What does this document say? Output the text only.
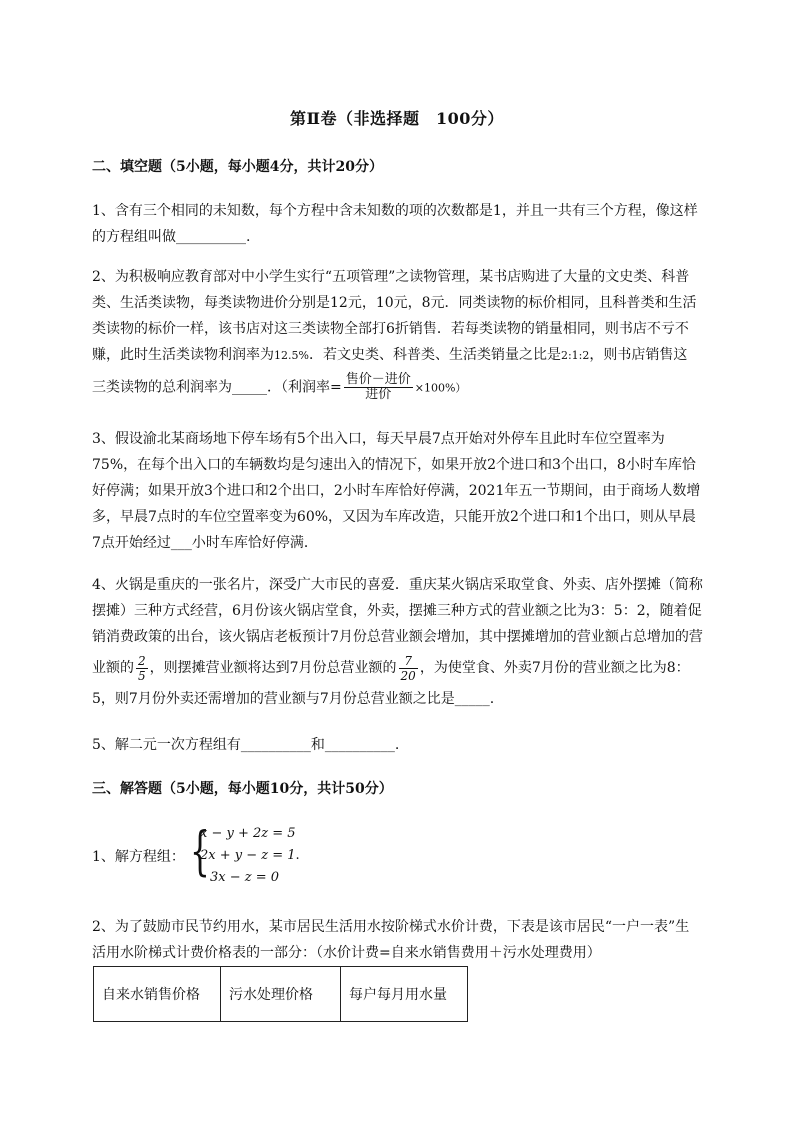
第Ⅱ卷（非选择题　100分）
二、填空题（5小题，每小题4分，共计20分）
1、含有三个相同的未知数，每个方程中含未知数的项的次数都是1，并且一共有三个方程，像这样
的方程组叫做__________.
2、为积极响应教育部对中小学生实行“五项管理”之读物管理，某书店购进了大量的文史类、科普
类、生活类读物，每类读物进价分别是12元，10元，8元．同类读物的标价相同，且科普类和生活
类读物的标价一样，该书店对这三类读物全部打6折销售．若每类读物的销量相同，则书店不亏不
赚，此时生活类读物利润率为12.5%．若文史类、科普类、生活类销量之比是2:1:2，则书店销售这
三类读物的总利润率为_____．（利润率= $\frac{\text{售价－进价}}{\text{进价}} \times 100\%$）
3、假设渝北某商场地下停车场有5个出入口，每天早晨7点开始对外停车且此时车位空置率为
75%，在每个出入口的车辆数均是匀速出入的情况下，如果开放2个进口和3个出口，8小时车库恰
好停满；如果开放3个进口和2个出口，2小时车库恰好停满，2021年五一节期间，由于商场人数增
多，早晨7点时的车位空置率变为60%，又因为车库改造，只能开放2个进口和1个出口，则从早晨
7点开始经过___小时车库恰好停满．
4、火锅是重庆的一张名片，深受广大市民的喜爱．重庆某火锅店采取堂食、外卖、店外摆摊（简称
摆摊）三种方式经营，6月份该火锅店堂食，外卖，摆摊三种方式的营业额之比为3：5：2，随着促
销消费政策的出台，该火锅店老板预计7月份总营业额会增加，其中摆摊增加的营业额占总增加的营
业额的 $\frac{2}{5}$ ，则摆摊营业额将达到7月份总营业额的 $\frac{7}{20}$ ，为使堂食、外卖7月份的营业额之比为8：
5，则7月份外卖还需增加的营业额与7月份总营业额之比是_____.
5、解二元一次方程组有__________和__________.
三、解答题（5小题，每小题10分，共计50分）
1、解方程组： {
x − y + 2z = 5
2x + y − z = 1.
3x − z = 0
2、为了鼓励市民节约用水，某市居民生活用水按阶梯式水价计费，下表是该市居民“一户一表”生
活用水阶梯式计费价格表的一部分：（水价计费=自来水销售费用＋污水处理费用）
自来水销售价格	污水处理价格	每户每月用水量
